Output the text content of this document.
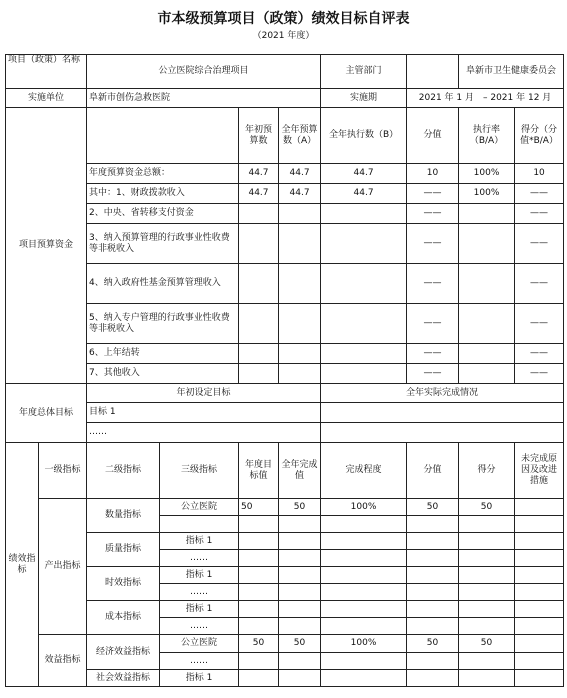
市本级预算项目（政策）绩效目标自评表
（2021 年度）
项目（政策）名称		公立医院综合治理项目				主管部门		阜新市卫生健康委员会	
实施单位		阜新市创伤急救医院				实施期	2021 年 1 月　– 2021 年 12 月		
项目预算资金				年初预算数	全年预算数（A）	全年执行数（B）	分值	执行率（B/A）	得分（分值*B/A）
		年度预算资金总额：		44.7	44.7	44.7	10	100%	10
		其中：1、财政拨款收入		44.7	44.7	44.7	——	100%	——
		2、中央、省转移支付资金					——		——
		3、纳入预算管理的行政事业性收费等非税收入					——		——
		4、纳入政府性基金预算管理收入					——		——
		5、纳入专户管理的行政事业性收费等非税收入					——		——
		6、上年结转					——		——
		7、其他收入					——		——
年度总体目标		年初设定目标				全年实际完成情况			
		目标 1							
		……							
绩效指标	一级指标	二级指标	三级指标	年度目标值	全年完成值	完成程度	分值	得分	未完成原因及改进措施
	产出指标	数量指标	公立医院	50	50	100%	50	50	

		质量指标	指标 1						
			……						
		时效指标	指标 1						
			……						
		成本指标	指标 1						
			……						
	效益指标	经济效益指标	公立医院	50	50	100%	50	50	
			……						
		社会效益指标	指标 1						
